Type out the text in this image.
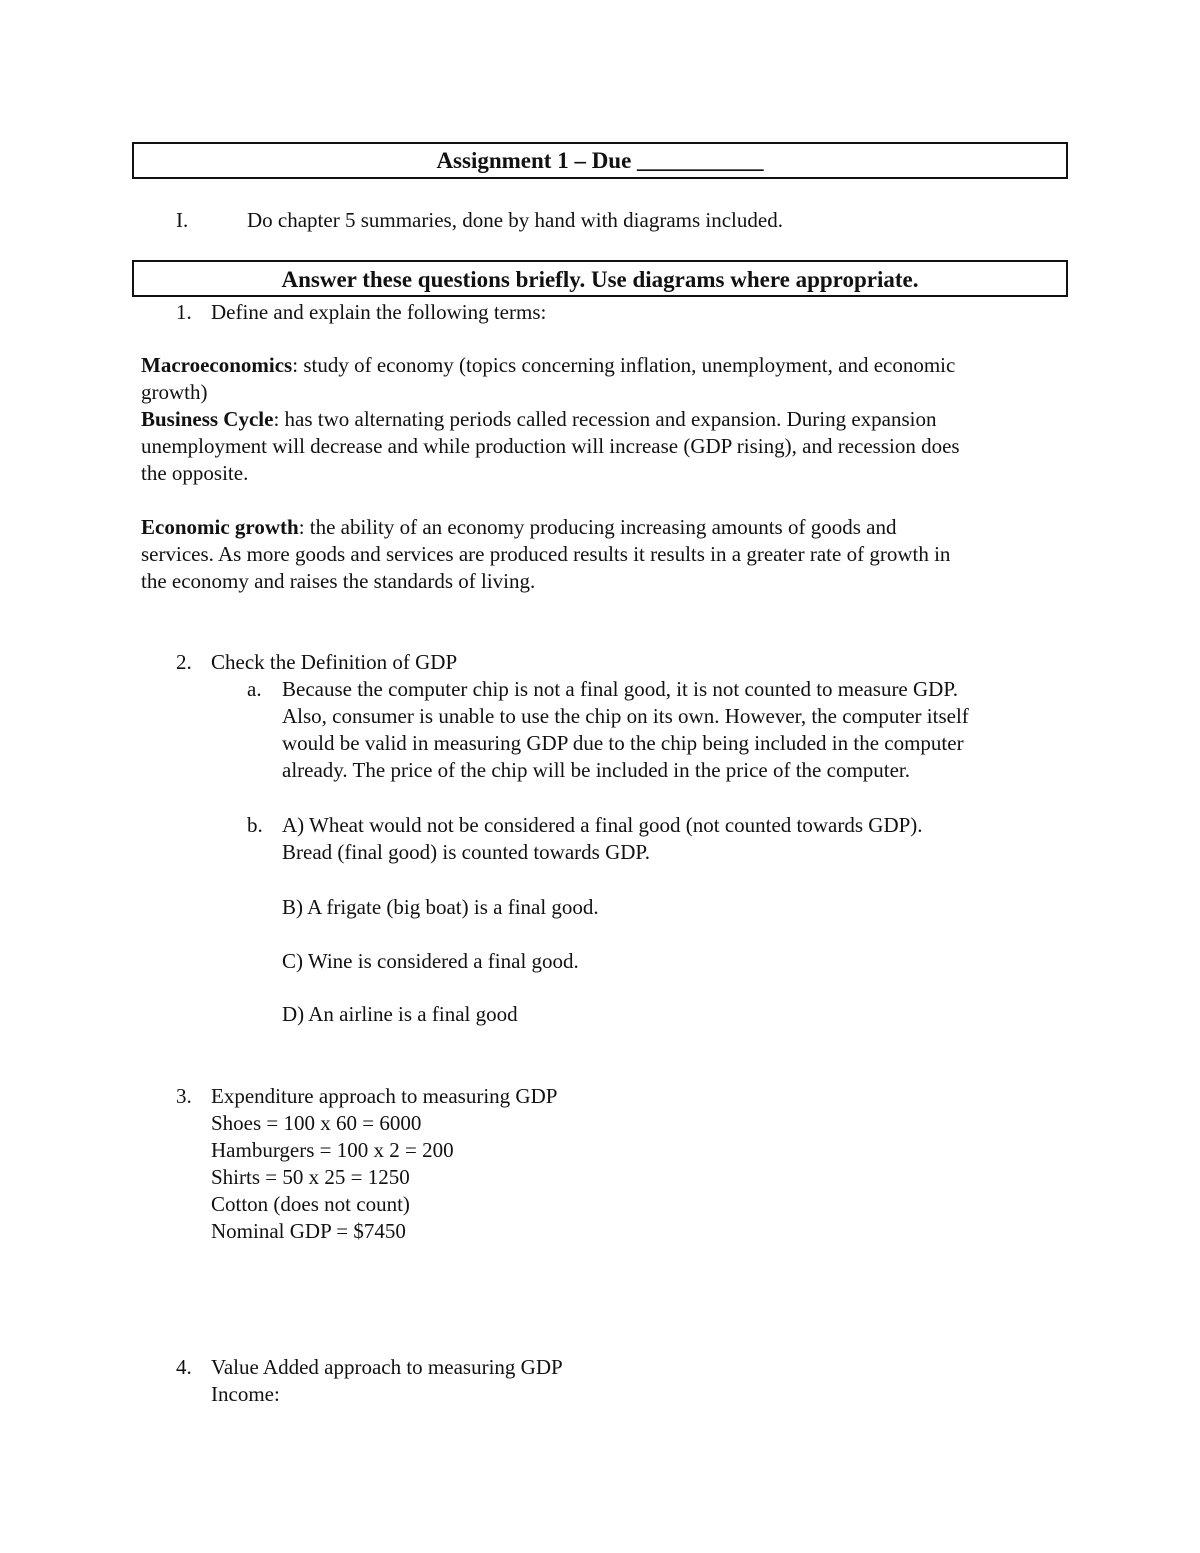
Assignment 1 – Due ___________
I.	Do chapter 5 summaries, done by hand with diagrams included.
Answer these questions briefly. Use diagrams where appropriate.
1. Define and explain the following terms:
Macroeconomics: study of economy (topics concerning inflation, unemployment, and economic
growth)
Business Cycle: has two alternating periods called recession and expansion. During expansion
unemployment will decrease and while production will increase (GDP rising), and recession does
the opposite.
Economic growth: the ability of an economy producing increasing amounts of goods and
services. As more goods and services are produced results it results in a greater rate of growth in
the economy and raises the standards of living.
2. Check the Definition of GDP
a. Because the computer chip is not a final good, it is not counted to measure GDP.
Also, consumer is unable to use the chip on its own. However, the computer itself
would be valid in measuring GDP due to the chip being included in the computer
already. The price of the chip will be included in the price of the computer.
b. A) Wheat would not be considered a final good (not counted towards GDP).
Bread (final good) is counted towards GDP.
B) A frigate (big boat) is a final good.
C) Wine is considered a final good.
D) An airline is a final good
3. Expenditure approach to measuring GDP
Shoes = 100 x 60 = 6000
Hamburgers = 100 x 2 = 200
Shirts = 50 x 25 = 1250
Cotton (does not count)
Nominal GDP = $7450
4. Value Added approach to measuring GDP
Income:
